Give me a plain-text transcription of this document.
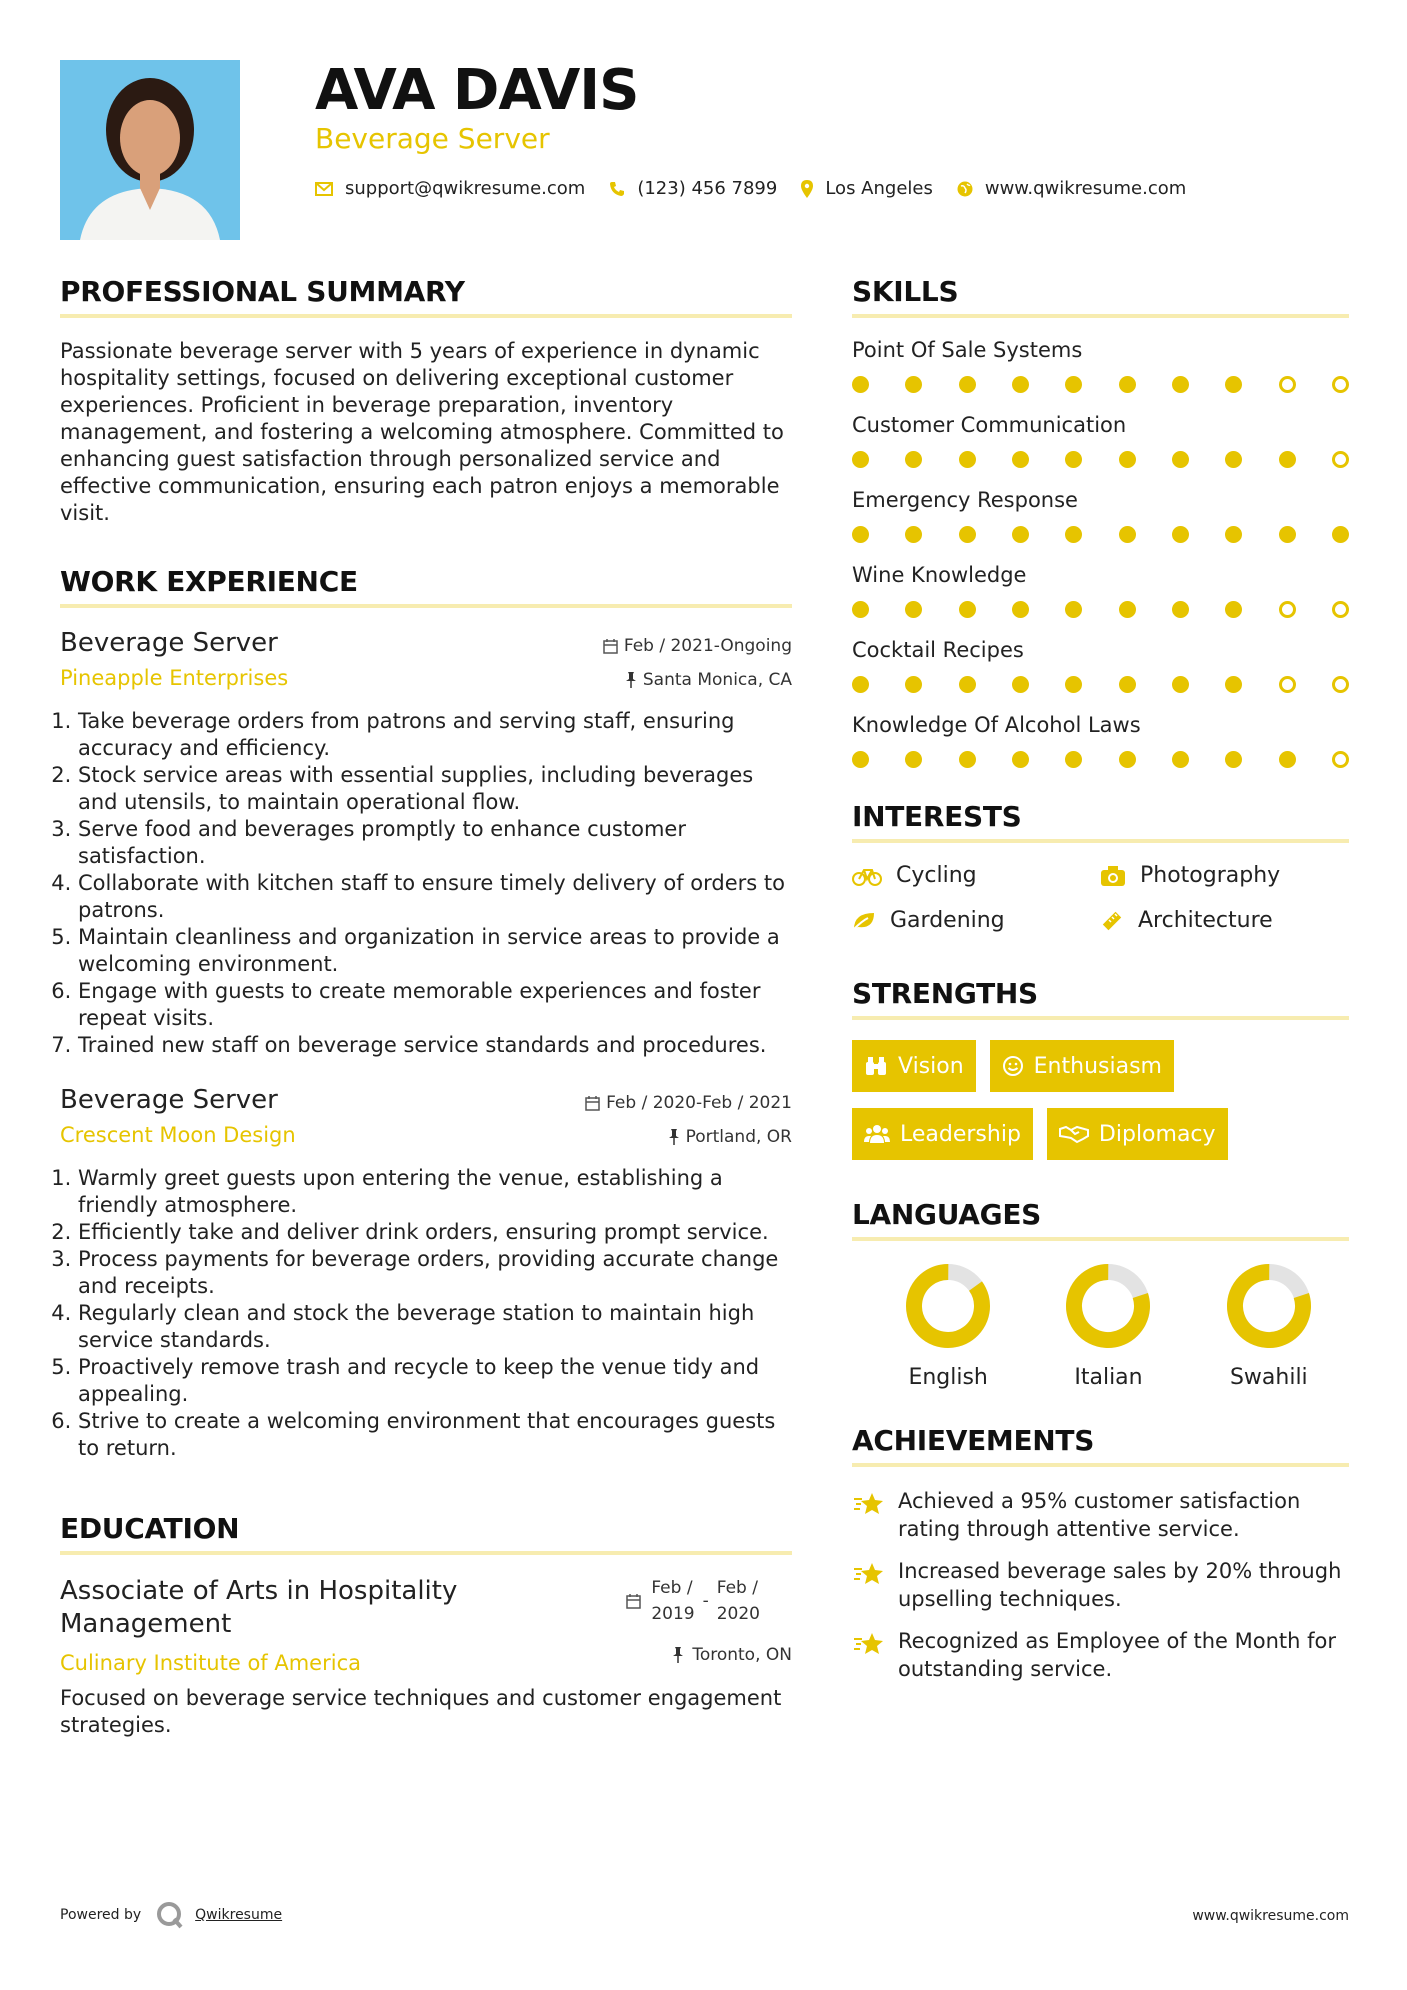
AVA DAVIS
Beverage Server
support@qwikresume.com	(123) 456 7899	Los Angeles	www.qwikresume.com
PROFESSIONAL SUMMARY
Passionate beverage server with 5 years of experience in dynamic hospitality settings, focused on delivering exceptional customer experiences. Proficient in beverage preparation, inventory management, and fostering a welcoming atmosphere. Committed to enhancing guest satisfaction through personalized service and effective communication, ensuring each patron enjoys a memorable visit.
WORK EXPERIENCE
Beverage Server
Pineapple Enterprises
Feb / 2021-Ongoing
Santa Monica, CA
1. Take beverage orders from patrons and serving staff, ensuring accuracy and efficiency.
2. Stock service areas with essential supplies, including beverages and utensils, to maintain operational flow.
3. Serve food and beverages promptly to enhance customer satisfaction.
4. Collaborate with kitchen staff to ensure timely delivery of orders to patrons.
5. Maintain cleanliness and organization in service areas to provide a welcoming environment.
6. Engage with guests to create memorable experiences and foster repeat visits.
7. Trained new staff on beverage service standards and procedures.
Beverage Server
Crescent Moon Design
Feb / 2020-Feb / 2021
Portland, OR
1. Warmly greet guests upon entering the venue, establishing a friendly atmosphere.
2. Efficiently take and deliver drink orders, ensuring prompt service.
3. Process payments for beverage orders, providing accurate change and receipts.
4. Regularly clean and stock the beverage station to maintain high service standards.
5. Proactively remove trash and recycle to keep the venue tidy and appealing.
6. Strive to create a welcoming environment that encourages guests to return.
EDUCATION
Associate of Arts in Hospitality Management
Culinary Institute of America
Feb /
2019
-
Feb /
2020
Toronto, ON
Focused on beverage service techniques and customer engagement strategies.
SKILLS
Point Of Sale Systems
Customer Communication
Emergency Response
Wine Knowledge
Cocktail Recipes
Knowledge Of Alcohol Laws
INTERESTS
Cycling	Photography
Gardening	Architecture
STRENGTHS
Vision	Enthusiasm
Leadership	Diplomacy
LANGUAGES
English	Italian	Swahili
ACHIEVEMENTS
Achieved a 95% customer satisfaction rating through attentive service.
Increased beverage sales by 20% through upselling techniques.
Recognized as Employee of the Month for outstanding service.
Powered by	Qwikresume	www.qwikresume.com
